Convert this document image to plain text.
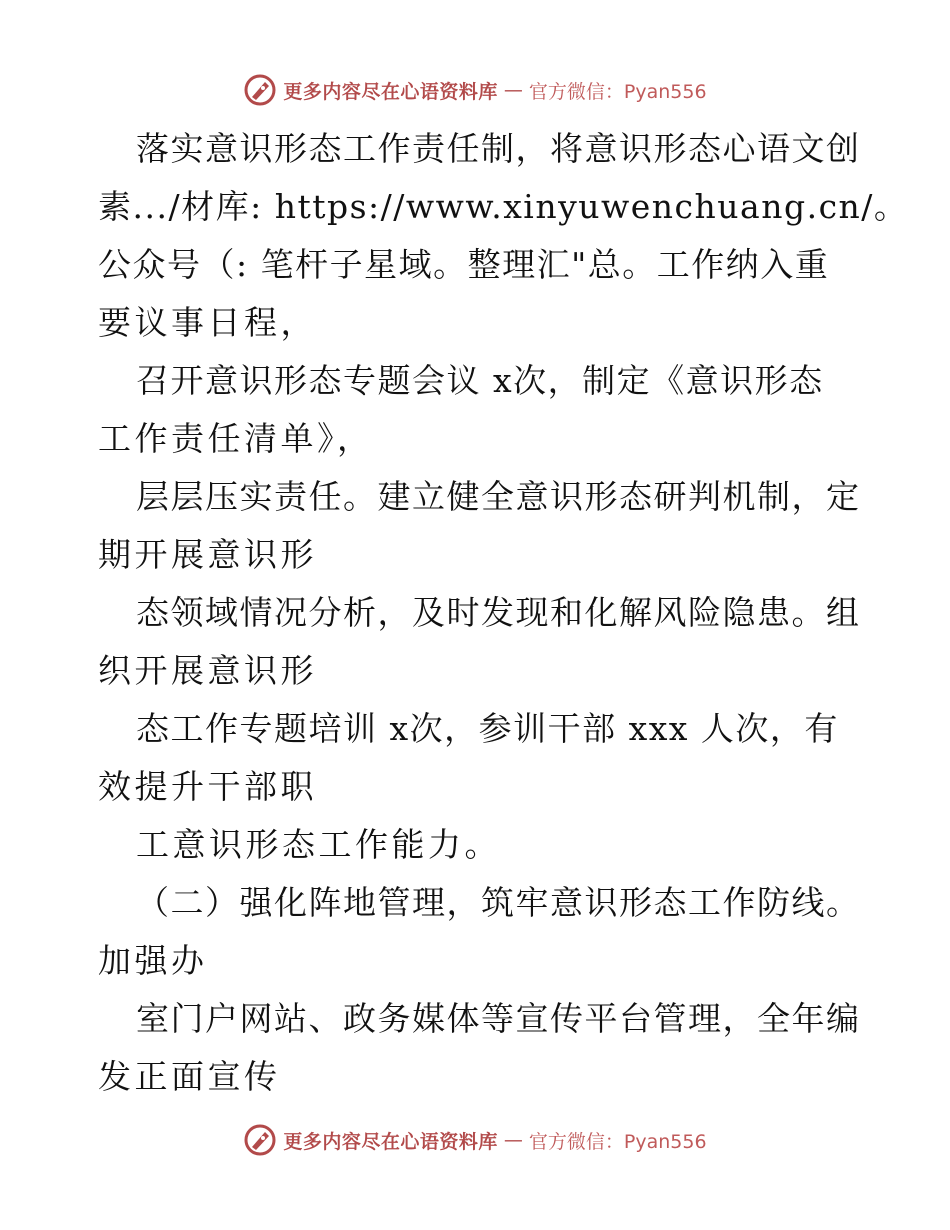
更多内容尽在心语资料库 — 官方微信：Pyan556
落实意识形态工作责任制，将意识形态心语文创
素.../材库: https://www.xinyuwenchuang.cn/。
公众号（: 笔杆子星域。整理汇"总。工作纳入重
要议事日程，
召开意识形态专题会议 x次，制定《意识形态
工作责任清单》，
层层压实责任。建立健全意识形态研判机制，定
期开展意识形
态领域情况分析，及时发现和化解风险隐患。组
织开展意识形
态工作专题培训 x次，参训干部 xxx 人次，有
效提升干部职
工意识形态工作能力。
（二）强化阵地管理，筑牢意识形态工作防线。
加强办
室门户网站、政务媒体等宣传平台管理，全年编
发正面宣传
更多内容尽在心语资料库 — 官方微信：Pyan556
